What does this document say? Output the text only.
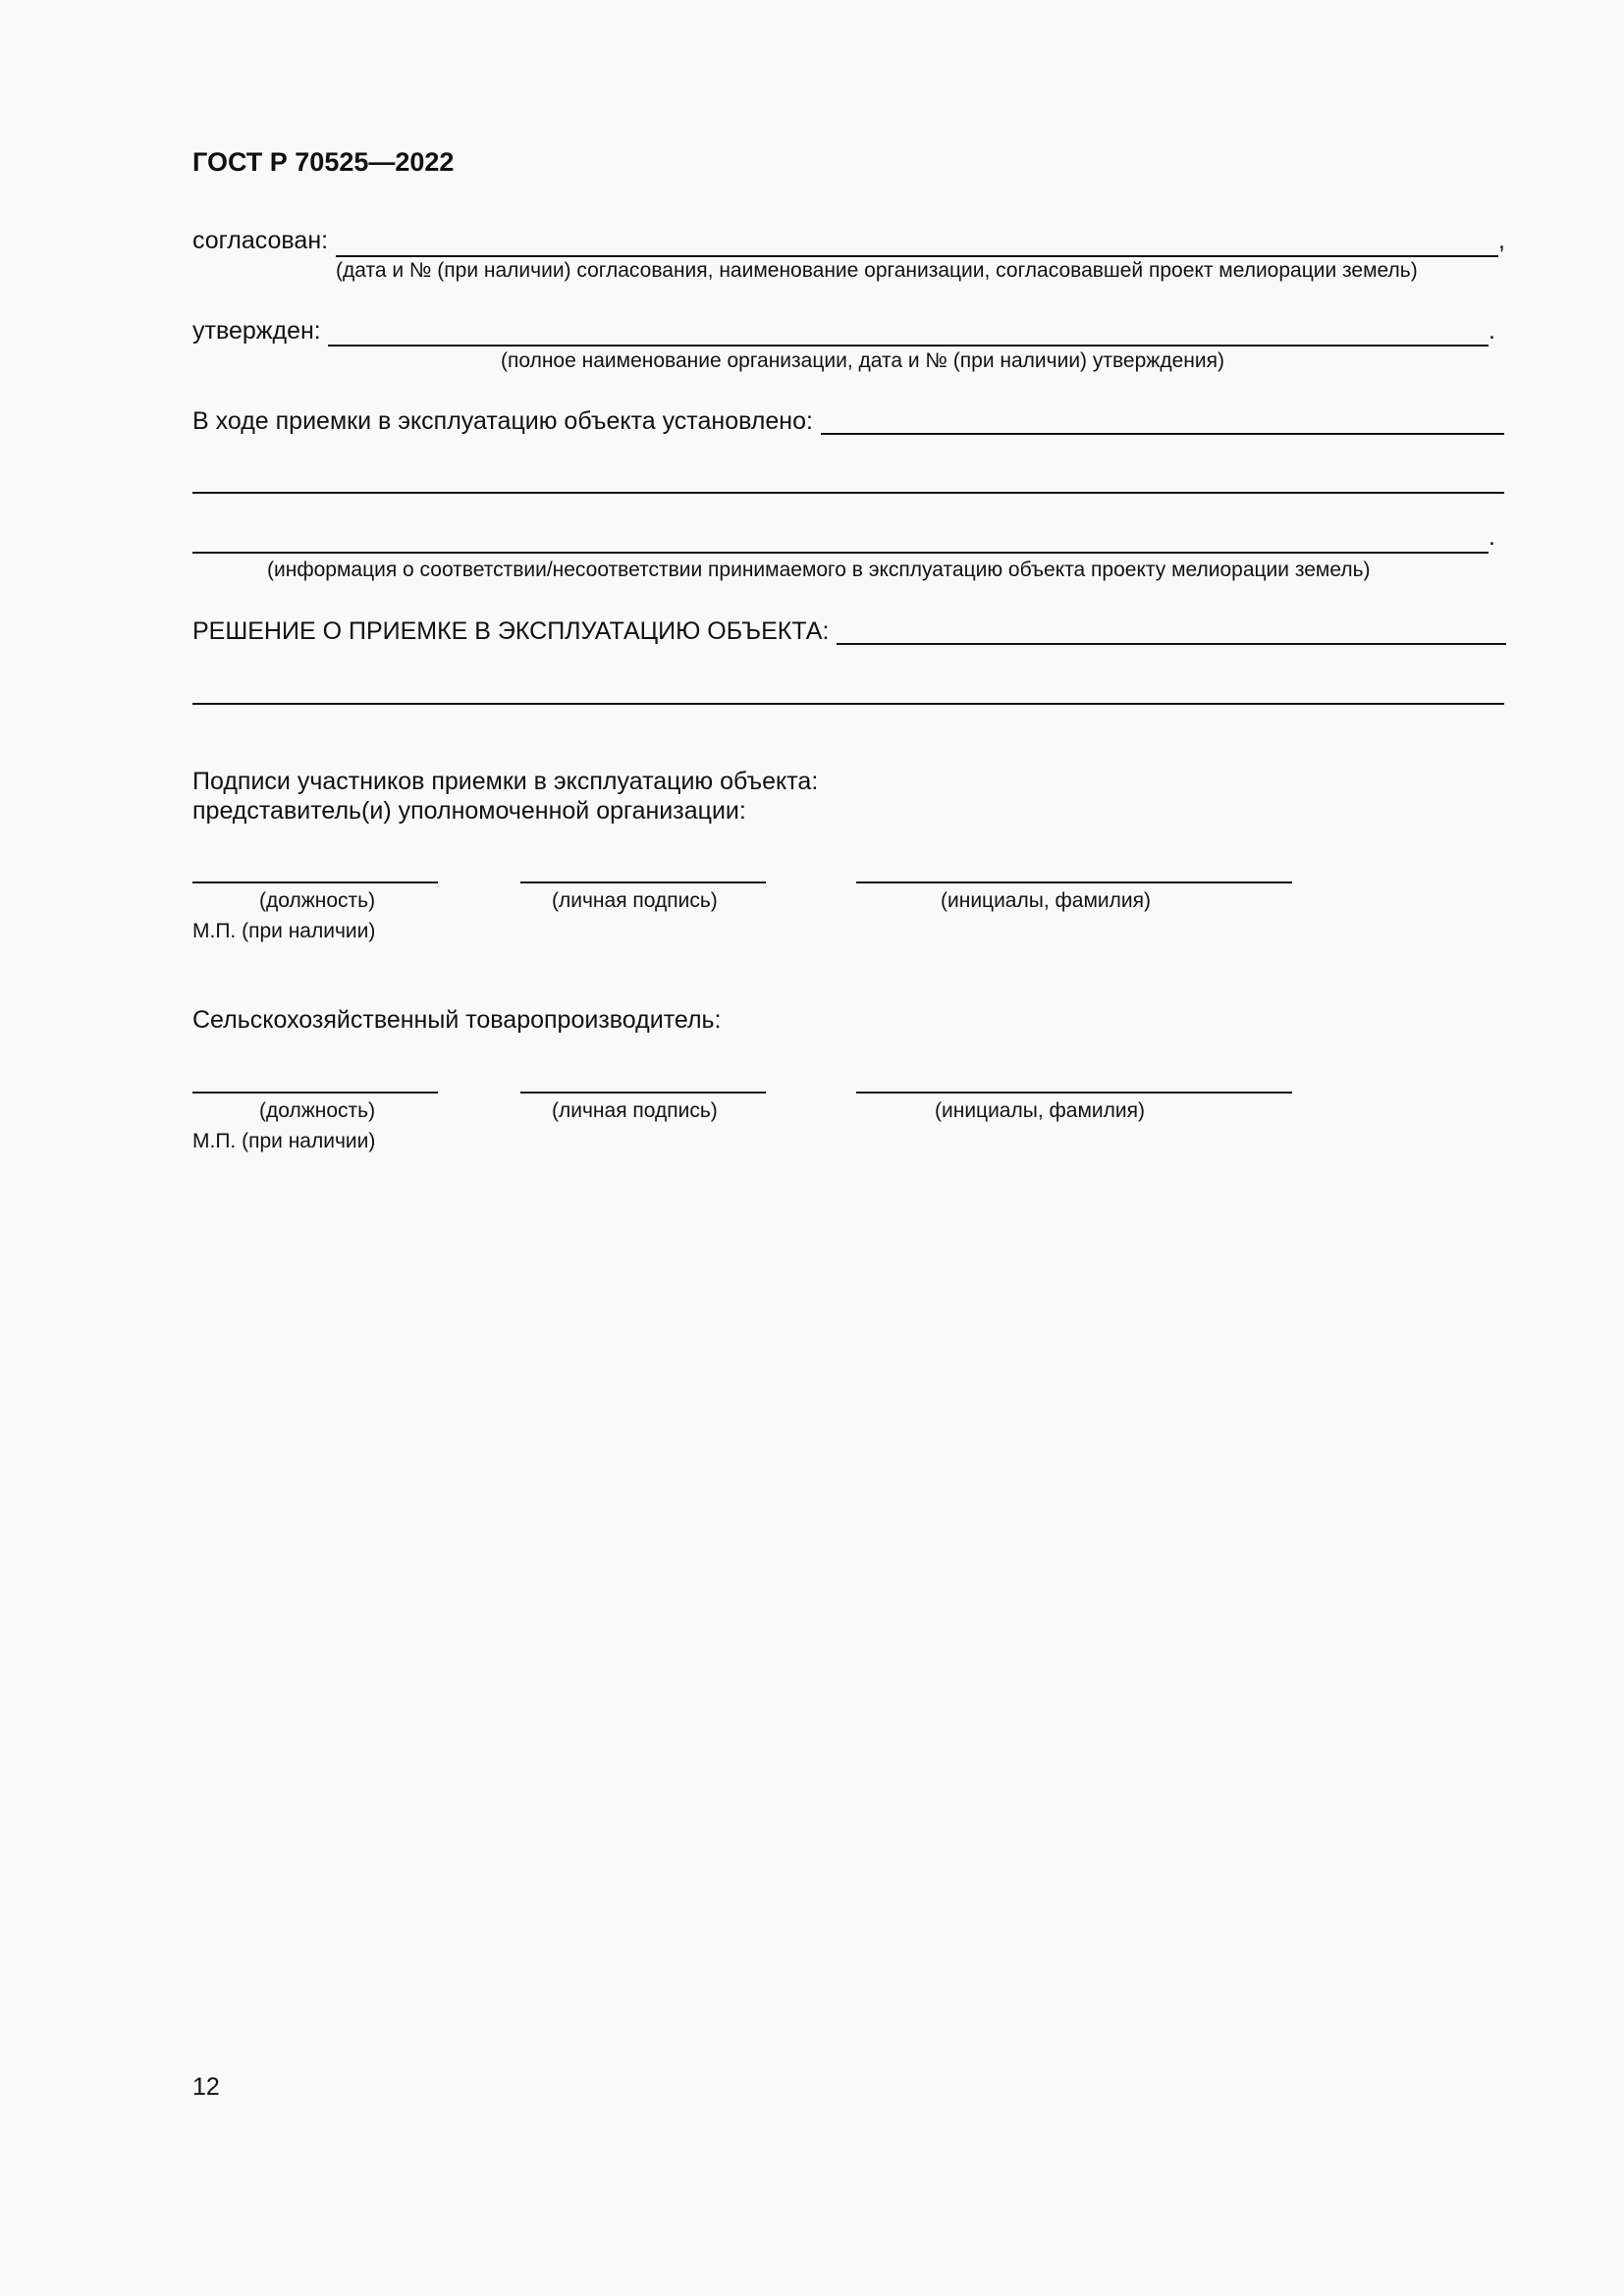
ГОСТ Р 70525—2022
согласован:	,
(дата и № (при наличии) согласования, наименование организации, согласовавшей проект мелиорации земель)
утвержден:	.
(полное наименование организации, дата и № (при наличии) утверждения)
В ходе приемки в эксплуатацию объекта установлено:
.
(информация о соответствии/несоответствии принимаемого в эксплуатацию объекта проекту мелиорации земель)
РЕШЕНИЕ О ПРИЕМКЕ В ЭКСПЛУАТАЦИЮ ОБЪЕКТА:
Подписи участников приемки в эксплуатацию объекта:
представитель(и) уполномоченной организации:
(должность)	(личная подпись)	(инициалы, фамилия)
М.П. (при наличии)
Сельскохозяйственный товаропроизводитель:
(должность)	(личная подпись)	(инициалы, фамилия)
М.П. (при наличии)
12
